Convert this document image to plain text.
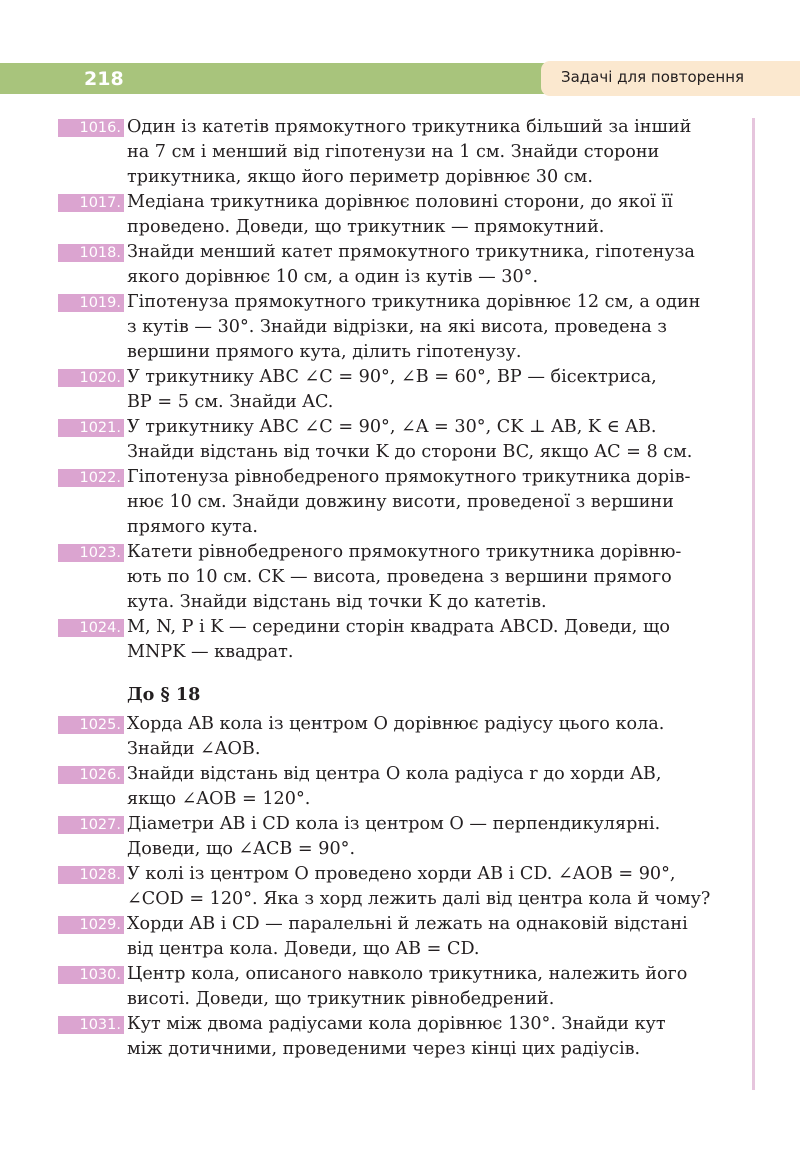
218	Задачі для повторення
До § 18
1016. Один із катетів прямокутного трикутника більший за інший
на 7 см і менший від гіпотенузи на 1 см. Знайди сторони
трикутника, якщо його периметр дорівнює 30 см.
1017. Медіана трикутника дорівнює половині сторони, до якої її
проведено. Доведи, що трикутник — прямокутний.
1018. Знайди менший катет прямокутного трикутника, гіпотенуза
якого дорівнює 10 см, а один із кутів — 30°.
1019. Гіпотенуза прямокутного трикутника дорівнює 12 см, а один
з кутів — 30°. Знайди відрізки, на які висота, проведена з
вершини прямого кута, ділить гіпотенузу.
1020. У трикутнику ABC ∠C = 90°, ∠B = 60°, BP — бісектриса,
BP = 5 см. Знайди AC.
1021. У трикутнику ABC ∠C = 90°, ∠A = 30°, CK ⊥ AB, K ∈ AB.
Знайди відстань від точки K до сторони BC, якщо AC = 8 см.
1022. Гіпотенуза рівнобедреного прямокутного трикутника дорів-
нює 10 см. Знайди довжину висоти, проведеної з вершини
прямого кута.
1023. Катети рівнобедреного прямокутного трикутника дорівню-
ють по 10 см. CK — висота, проведена з вершини прямого
кута. Знайди відстань від точки K до катетів.
1024. M, N, P і K — середини сторін квадрата ABCD. Доведи, що
MNPK — квадрат.
1025. Хорда AB кола із центром O дорівнює радіусу цього кола.
Знайди ∠AOB.
1026. Знайди відстань від центра O кола радіуса r до хорди AB,
якщо ∠AOB = 120°.
1027. Діаметри AB і CD кола із центром O — перпендикулярні.
Доведи, що ∠ACB = 90°.
1028. У колі із центром O проведено хорди AB і CD. ∠AOB = 90°,
∠COD = 120°. Яка з хорд лежить далі від центра кола й чому?
1029. Хорди AB і CD — паралельні й лежать на однаковій відстані
від центра кола. Доведи, що AB = CD.
1030. Центр кола, описаного навколо трикутника, належить його
висоті. Доведи, що трикутник рівнобедрений.
1031. Кут між двома радіусами кола дорівнює 130°. Знайди кут
між дотичними, проведеними через кінці цих радіусів.
